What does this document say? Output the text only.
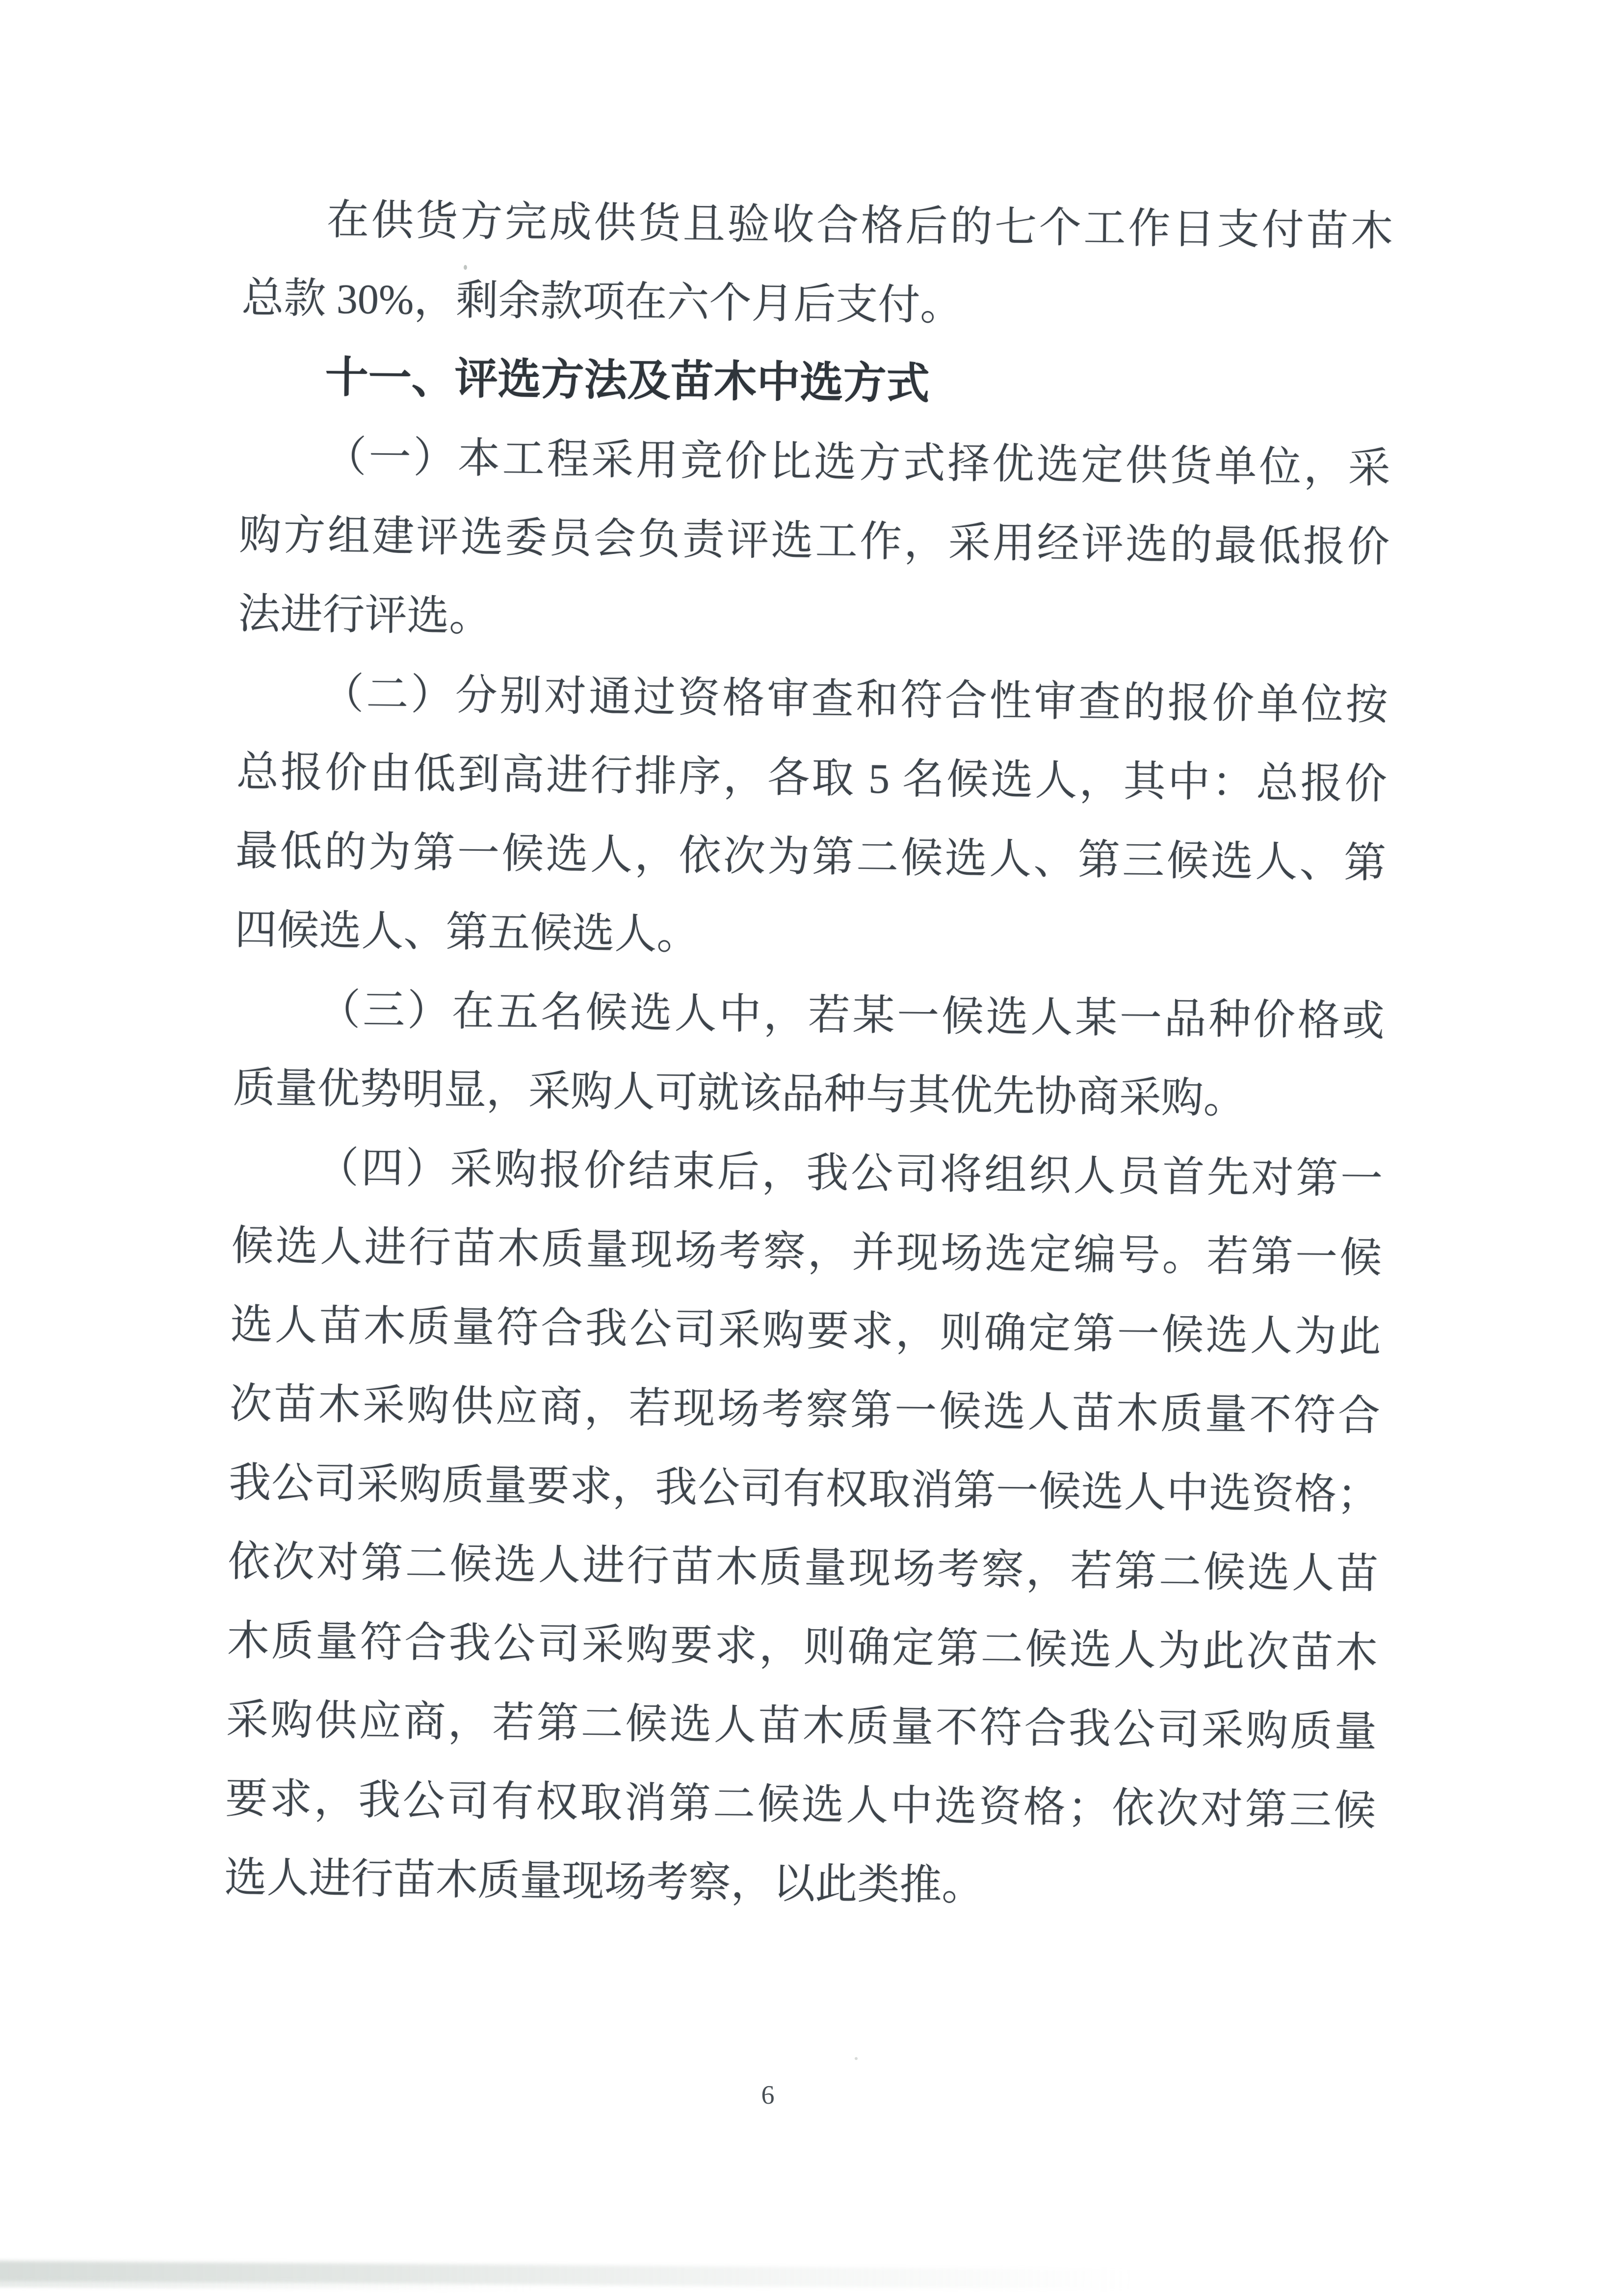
在供货方完成供货且验收合格后的七个工作日支付苗木
总款 30%，剩余款项在六个月后支付。
十一、评选方法及苗木中选方式
（一）本工程采用竞价比选方式择优选定供货单位，采
购方组建评选委员会负责评选工作，采用经评选的最低报价
法进行评选。
（二）分别对通过资格审查和符合性审查的报价单位按
总报价由低到高进行排序，各取 5 名候选人，其中：总报价
最低的为第一候选人，依次为第二候选人、第三候选人、第
四候选人、第五候选人。
（三）在五名候选人中，若某一候选人某一品种价格或
质量优势明显，采购人可就该品种与其优先协商采购。
（四）采购报价结束后，我公司将组织人员首先对第一
候选人进行苗木质量现场考察，并现场选定编号。若第一候
选人苗木质量符合我公司采购要求，则确定第一候选人为此
次苗木采购供应商，若现场考察第一候选人苗木质量不符合
我公司采购质量要求，我公司有权取消第一候选人中选资格；
依次对第二候选人进行苗木质量现场考察，若第二候选人苗
木质量符合我公司采购要求，则确定第二候选人为此次苗木
采购供应商，若第二候选人苗木质量不符合我公司采购质量
要求，我公司有权取消第二候选人中选资格；依次对第三候
选人进行苗木质量现场考察，以此类推。
6
